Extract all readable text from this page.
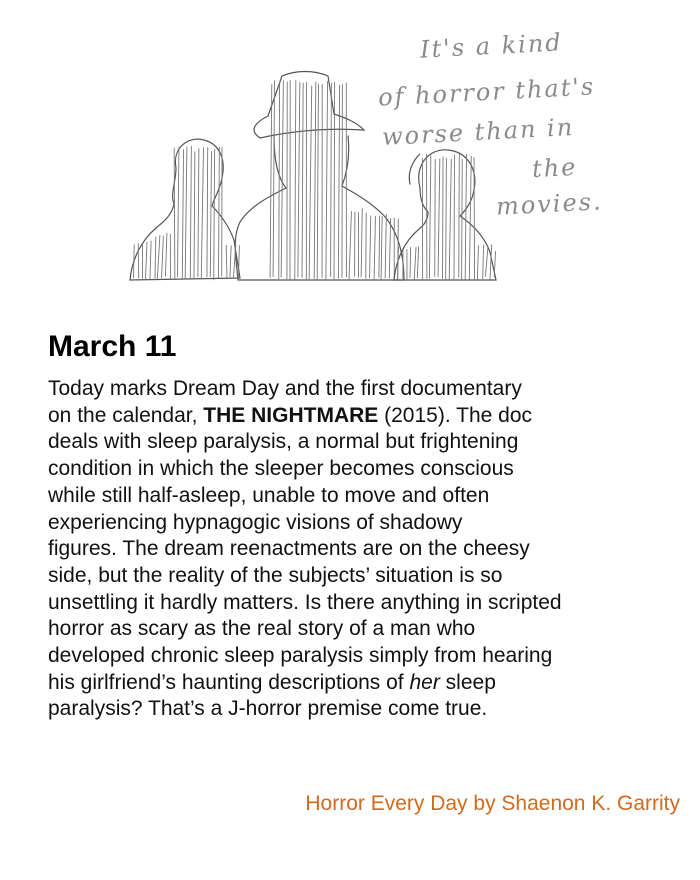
It's a kind
of horror that's
worse than in
the
movies.
March 11

Today marks Dream Day and the first documentary
on the calendar, THE NIGHTMARE (2015). The doc
deals with sleep paralysis, a normal but frightening
condition in which the sleeper becomes conscious
while still half-asleep, unable to move and often
experiencing hypnagogic visions of shadowy
figures. The dream reenactments are on the cheesy
side, but the reality of the subjects’ situation is so
unsettling it hardly matters. Is there anything in scripted
horror as scary as the real story of a man who
developed chronic sleep paralysis simply from hearing
his girlfriend’s haunting descriptions of her sleep
paralysis? That’s a J-horror premise come true.

Horror Every Day by Shaenon K. Garrity
